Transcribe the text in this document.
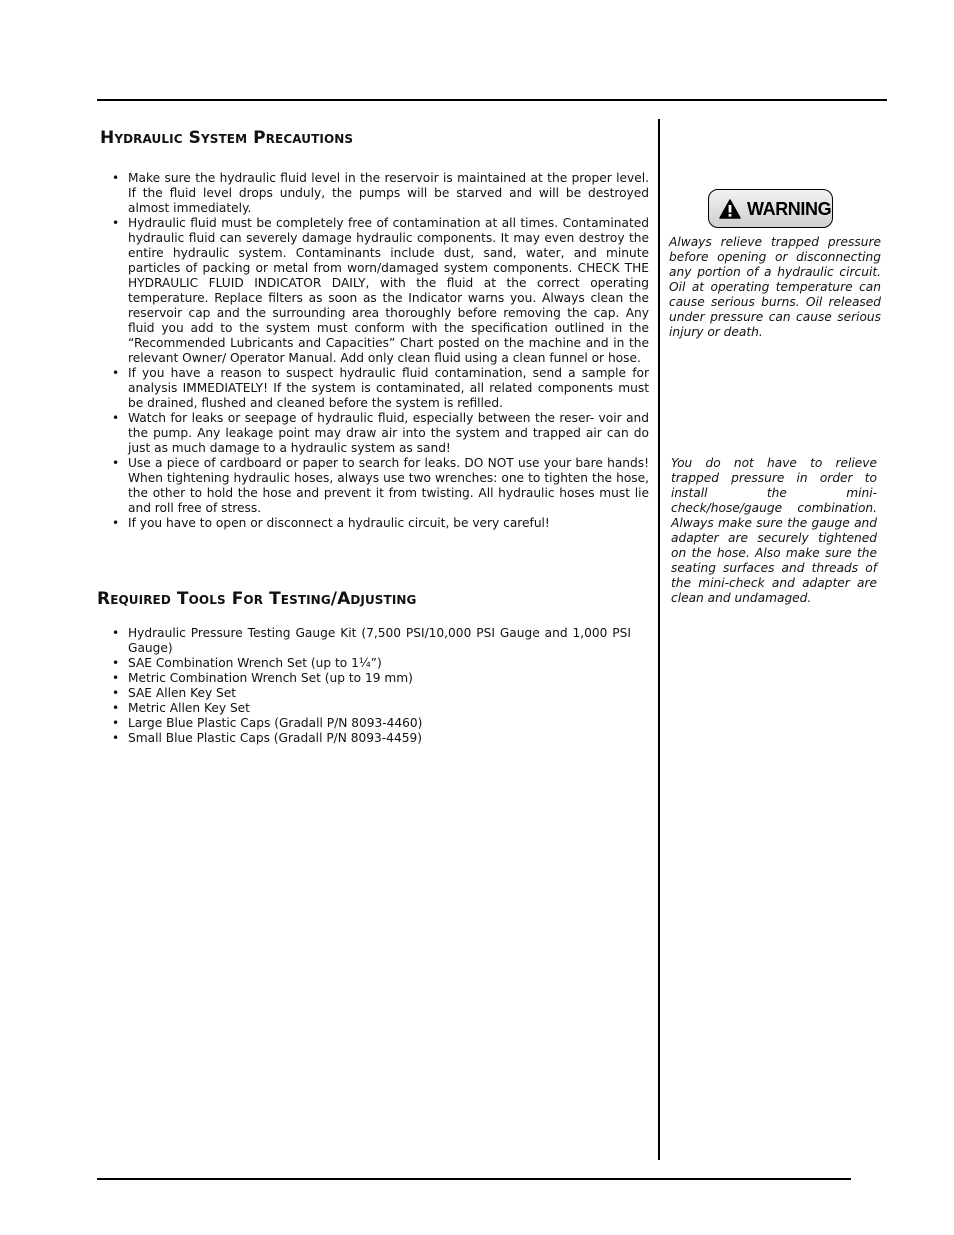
Hydraulic System Precautions
• Make sure the hydraulic fluid level in the reservoir is maintained at the proper level. If the fluid level drops unduly, the pumps will be starved and will be destroyed almost immediately.
• Hydraulic fluid must be completely free of contamination at all times. Contaminated hydraulic fluid can severely damage hydraulic components. It may even destroy the entire hydraulic system. Contaminants include dust, sand, water, and minute particles of packing or metal from worn/damaged system components. CHECK THE HYDRAULIC FLUID INDICATOR DAILY, with the fluid at the correct operating temperature. Replace filters as soon as the Indicator warns you. Always clean the reservoir cap and the surrounding area thoroughly before removing the cap. Any fluid you add to the system must conform with the specification outlined in the “Recommended Lubricants and Capacities” Chart posted on the machine and in the relevant Owner/ Operator Manual. Add only clean fluid using a clean funnel or hose.
• If you have a reason to suspect hydraulic fluid contamination, send a sample for analysis IMMEDIATELY! If the system is contaminated, all related components must be drained, flushed and cleaned before the system is refilled.
• Watch for leaks or seepage of hydraulic fluid, especially between the reser- voir and the pump. Any leakage point may draw air into the system and trapped air can do just as much damage to a hydraulic system as sand!
• Use a piece of cardboard or paper to search for leaks. DO NOT use your bare hands! When tightening hydraulic hoses, always use two wrenches: one to tighten the hose, the other to hold the hose and prevent it from twisting. All hydraulic hoses must lie and roll free of stress.
• If you have to open or disconnect a hydraulic circuit, be very careful!
Required Tools For Testing/Adjusting
• Hydraulic Pressure Testing Gauge Kit (7,500 PSI/10,000 PSI Gauge and 1,000 PSI Gauge)
• SAE Combination Wrench Set (up to 1¼”)
• Metric Combination Wrench Set (up to 19 mm)
• SAE Allen Key Set
• Metric Allen Key Set
• Large Blue Plastic Caps (Gradall P/N 8093-4460)
• Small Blue Plastic Caps (Gradall P/N 8093-4459)
WARNING

Always relieve trapped pressure before opening or disconnecting any portion of a hydraulic circuit. Oil at operating temperature can cause serious burns. Oil released under pressure can cause serious injury or death.

You do not have to relieve trapped pressure in order to install the mini-check/hose/gauge combination. Always make sure the gauge and adapter are securely tightened on the hose. Also make sure the seating surfaces and threads of the mini-check and adapter are clean and undamaged.
